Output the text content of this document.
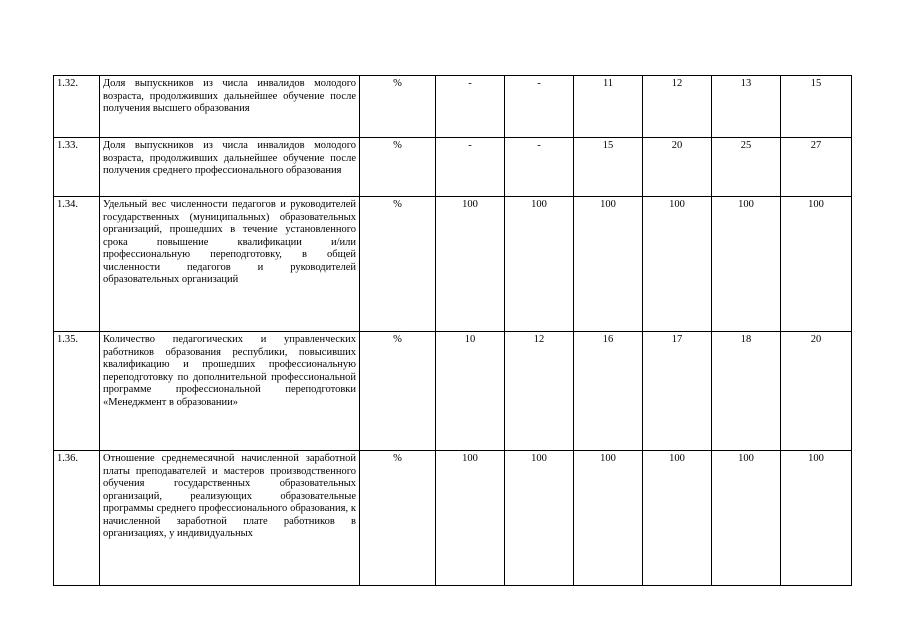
1.32.	Доля выпускников из числа инвалидов молодого возраста, продолживших дальнейшее обучение после получения высшего образования	%	-	-	11	12	13	15
1.33.	Доля выпускников из числа инвалидов молодого возраста, продолживших дальнейшее обучение после получения среднего профессионального образования	%	-	-	15	20	25	27
1.34.	Удельный вес численности педагогов и руководителей государственных (муниципальных) образовательных организаций, прошедших в течение установленного срока повышение квалификации и/или профессиональную переподготовку, в общей численности педагогов и руководителей образовательных организаций	%	100	100	100	100	100	100
1.35.	Количество педагогических и управленческих работников образования республики, повысивших квалификацию и прошедших профессиональную переподготовку по дополнительной профессиональной программе профессиональной переподготовки «Менеджмент в образовании»	%	10	12	16	17	18	20
1.36.	Отношение среднемесячной начисленной заработной платы преподавателей и мастеров производственного обучения государственных образовательных организаций, реализующих образовательные программы среднего профессионального образования, к начисленной заработной плате работников в организациях, у индивидуальных	%	100	100	100	100	100	100
